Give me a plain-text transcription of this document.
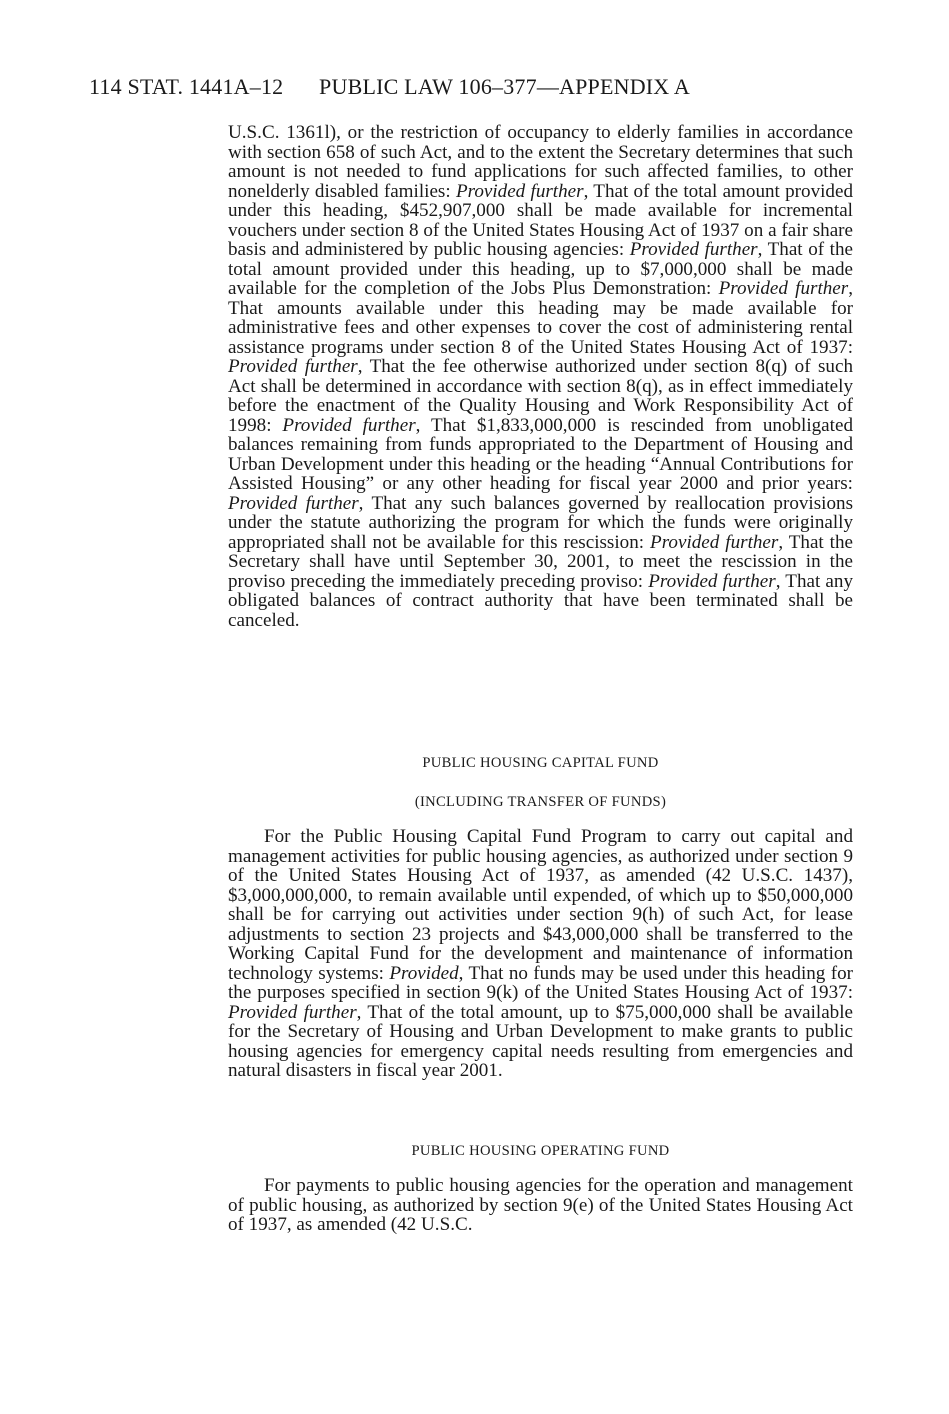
114 STAT. 1441A–12 PUBLIC LAW 106–377—APPENDIX A

U.S.C. 1361l), or the restriction of occupancy to elderly families in accordance with section 658 of such Act, and to the extent the Secretary determines that such amount is not needed to fund applications for such affected families, to other nonelderly disabled families: Provided further, That of the total amount provided under this heading, $452,907,000 shall be made available for incremental vouchers under section 8 of the United States Housing Act of 1937 on a fair share basis and administered by public housing agencies: Provided further, That of the total amount provided under this heading, up to $7,000,000 shall be made available for the completion of the Jobs Plus Demonstration: Provided further, That amounts available under this heading may be made available for administrative fees and other expenses to cover the cost of administering rental assistance programs under section 8 of the United States Housing Act of 1937: Provided further, That the fee otherwise authorized under section 8(q) of such Act shall be determined in accordance with section 8(q), as in effect immediately before the enactment of the Quality Housing and Work Responsibility Act of 1998: Provided further, That $1,833,000,000 is rescinded from unobligated balances remaining from funds appropriated to the Department of Housing and Urban Development under this heading or the heading “Annual Contributions for Assisted Housing” or any other heading for fiscal year 2000 and prior years: Provided further, That any such balances governed by reallocation provisions under the statute authorizing the program for which the funds were originally appropriated shall not be available for this rescission: Provided further, That the Secretary shall have until September 30, 2001, to meet the rescission in the proviso preceding the immediately preceding proviso: Provided further, That any obligated balances of contract authority that have been terminated shall be canceled.

PUBLIC HOUSING CAPITAL FUND
(INCLUDING TRANSFER OF FUNDS)

For the Public Housing Capital Fund Program to carry out capital and management activities for public housing agencies, as authorized under section 9 of the United States Housing Act of 1937, as amended (42 U.S.C. 1437), $3,000,000,000, to remain available until expended, of which up to $50,000,000 shall be for carrying out activities under section 9(h) of such Act, for lease adjustments to section 23 projects and $43,000,000 shall be transferred to the Working Capital Fund for the development and maintenance of information technology systems: Provided, That no funds may be used under this heading for the purposes specified in section 9(k) of the United States Housing Act of 1937: Provided further, That of the total amount, up to $75,000,000 shall be available for the Secretary of Housing and Urban Development to make grants to public housing agencies for emergency capital needs resulting from emergencies and natural disasters in fiscal year 2001.

PUBLIC HOUSING OPERATING FUND

For payments to public housing agencies for the operation and management of public housing, as authorized by section 9(e) of the United States Housing Act of 1937, as amended (42 U.S.C.
